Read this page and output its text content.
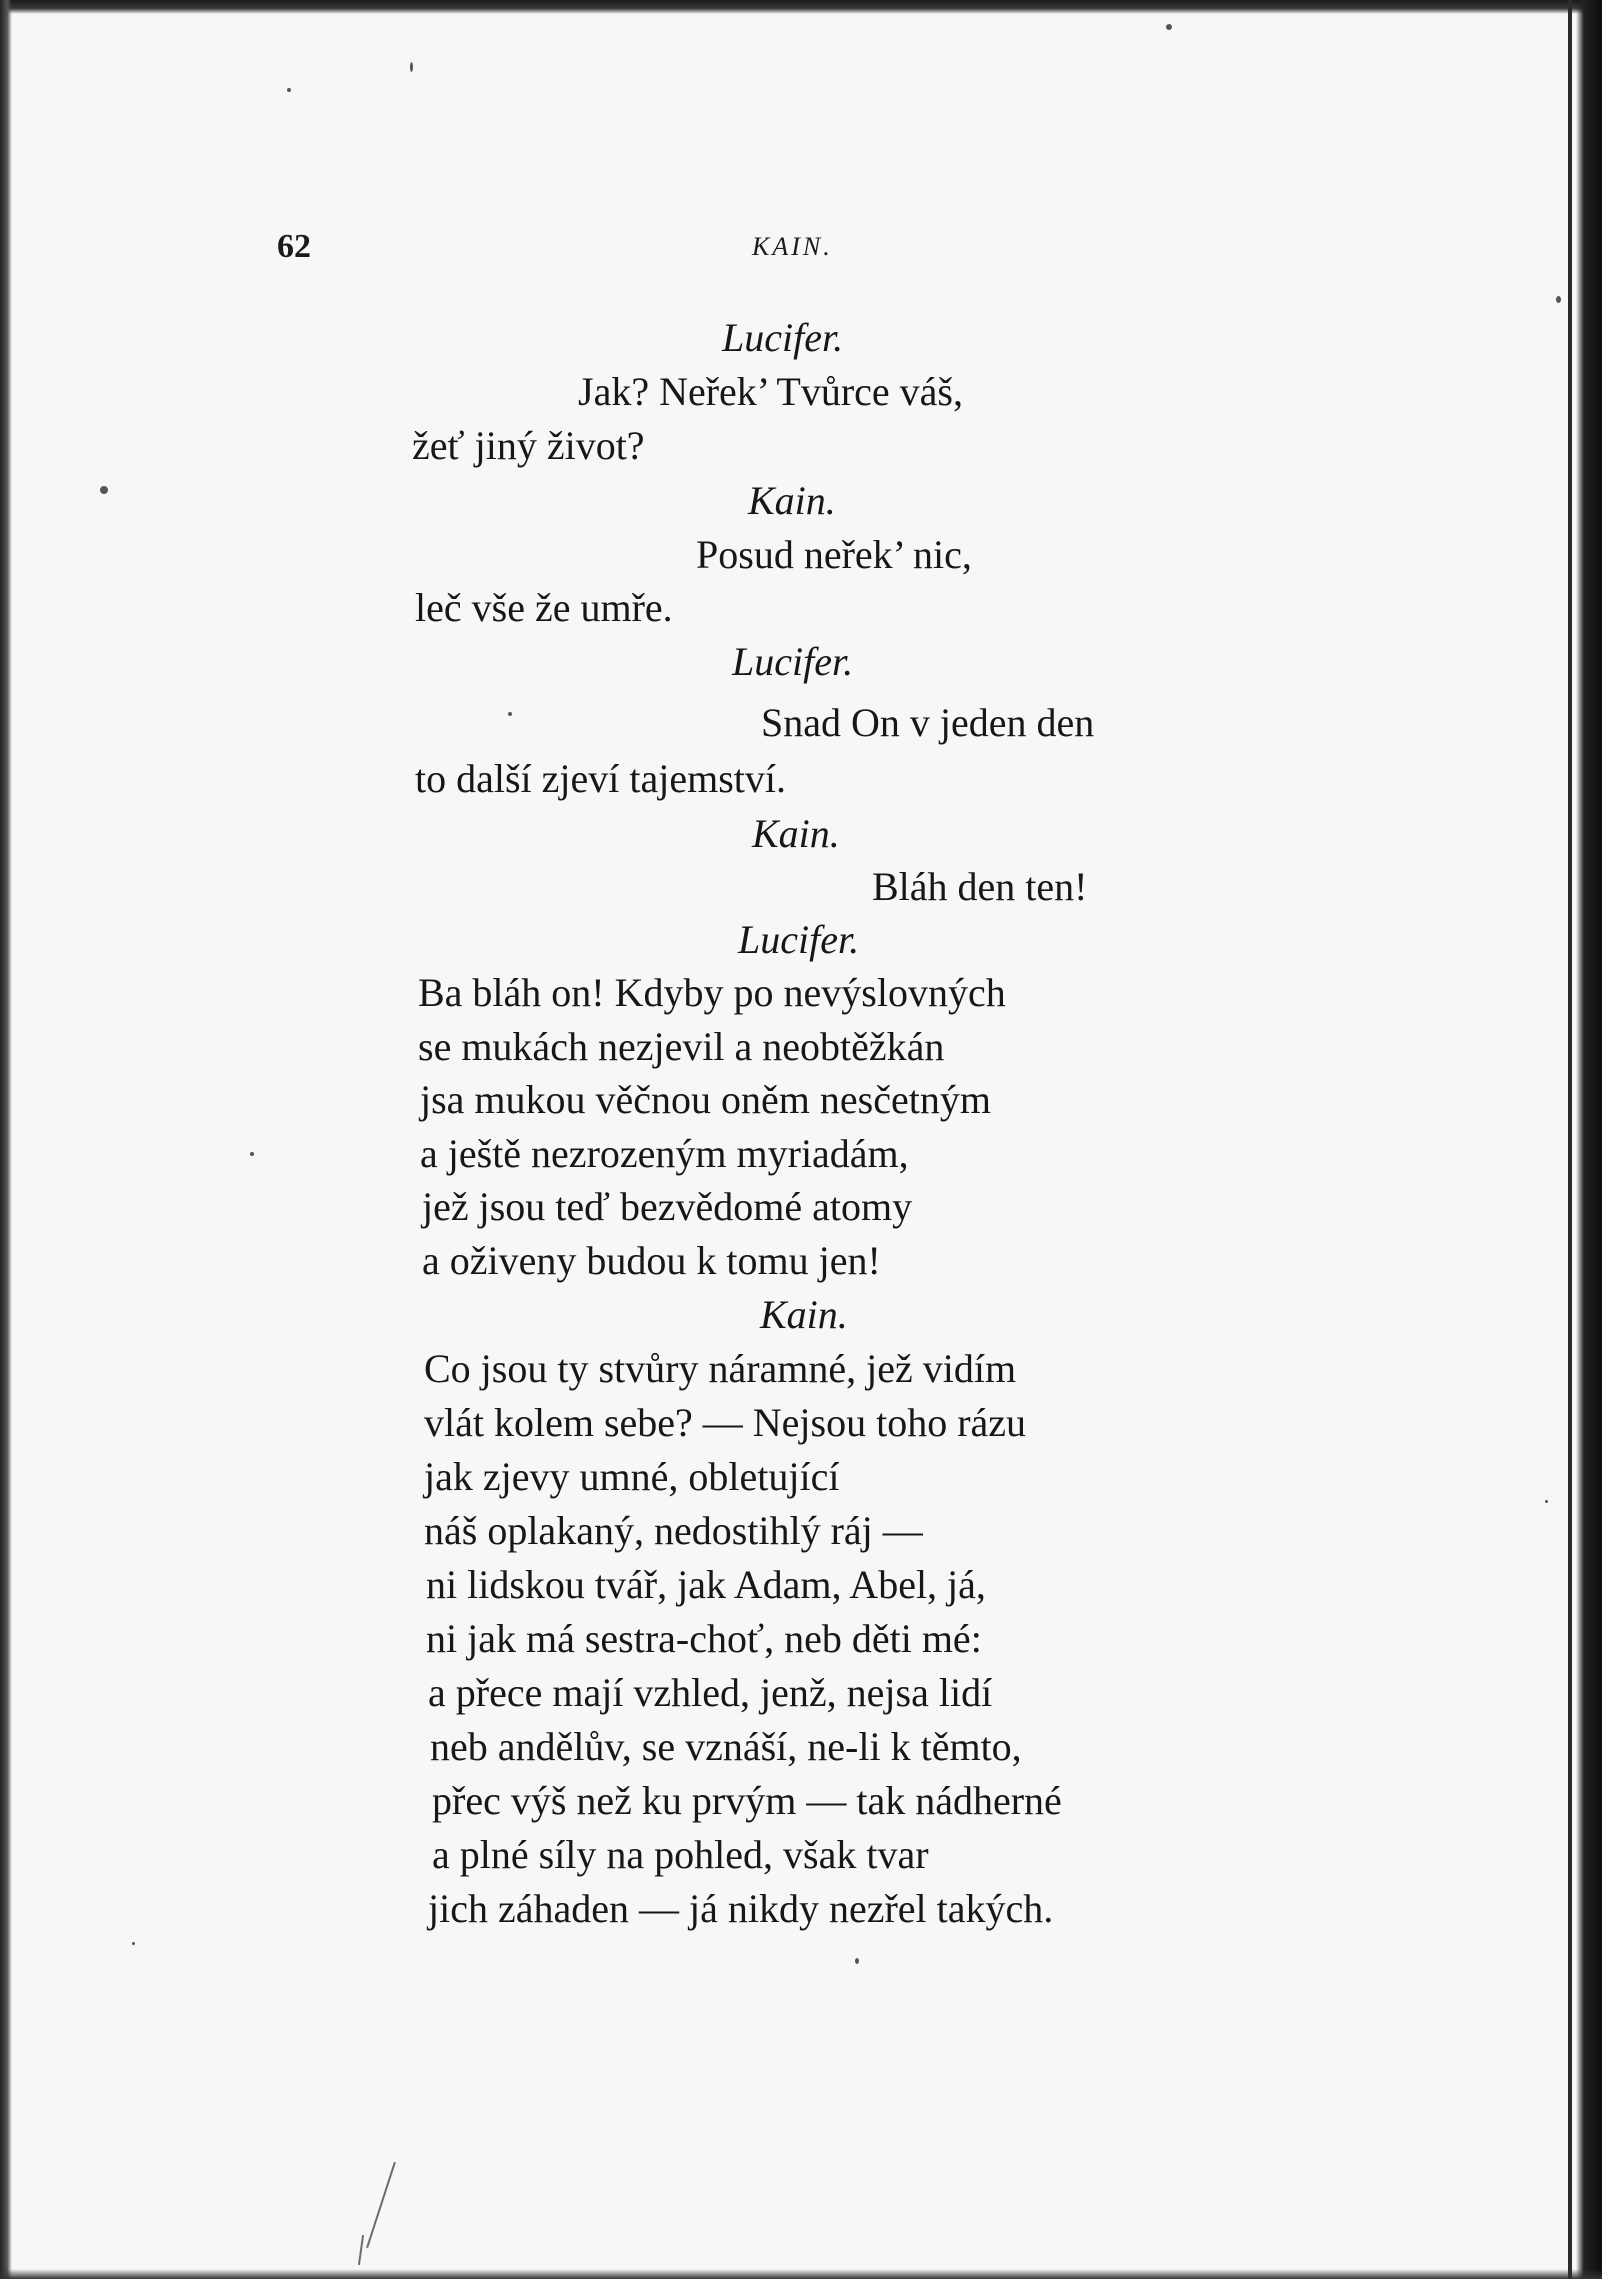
62	KAIN.
Lucifer.
Jak? Neřek’ Tvůrce váš,
žeť jiný život?
Kain.
Posud neřek’ nic,
leč vše že umře.
Lucifer.
Snad On v jeden den
to další zjeví tajemství.
Kain.
Bláh den ten!
Lucifer.
Ba bláh on! Kdyby po nevýslovných
se mukách nezjevil a neobtěžkán
jsa mukou věčnou oněm nesčetným
a ještě nezrozeným myriadám,
jež jsou teď bezvědomé atomy
a oživeny budou k tomu jen!
Kain.
Co jsou ty stvůry náramné, jež vidím
vlát kolem sebe? — Nejsou toho rázu
jak zjevy umné, obletující
náš oplakaný, nedostihlý ráj —
ni lidskou tvář, jak Adam, Abel, já,
ni jak má sestra-choť, neb děti mé:
a přece mají vzhled, jenž, nejsa lidí
neb andělův, se vznáší, ne-li k těmto,
přec výš než ku prvým — tak nádherné
a plné síly na pohled, však tvar
jich záhaden — já nikdy nezřel takých.
